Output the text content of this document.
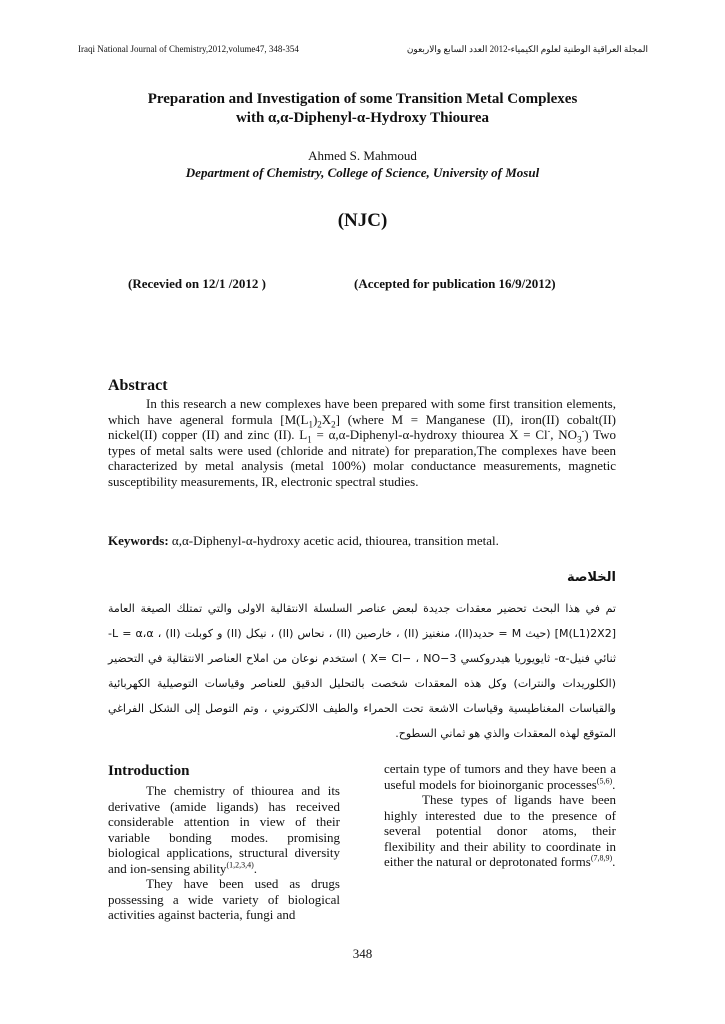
Iraqi National Journal of Chemistry,2012,volume47, 348-354	المجلة العراقية الوطنية لعلوم الكيمياء-2012 العدد السابع والاربعون
Preparation and Investigation of some Transition Metal Complexes
with α,α-Diphenyl-α-Hydroxy Thiourea
Ahmed S. Mahmoud
Department of Chemistry, College of Science, University of Mosul
(NJC)
(Recevied on 12/1 /2012 )	(Accepted for publication 16/9/2012)
Abstract
In this research a new complexes have been prepared with some first transition elements, which have ageneral formula $[M(L_1)_2X_2]$ (where M = Manganese (II), iron(II) cobalt(II) nickel(II) copper (II) and zinc (II). $L_1$ = α,α-Diphenyl-α-hydroxy thiourea X = Cl-, $NO_3^-$) Two types of metal salts were used (chloride and nitrate) for preparation,The complexes have been characterized by metal analysis (metal 100%) molar conductance measurements, magnetic susceptibility measurements, IR, electronic spectral studies.
Keywords: α,α-Diphenyl-α-hydroxy acetic acid, thiourea, transition metal.
الخلاصة
تم في هذا البحث تحضير معقدات جديدة لبعض عناصر السلسلة الانتقالية الاولى والتي تمتلك الصيغة العامة [M(L1)2X2] (حيث M = حديد(II)، منغنيز (II) ، خارصين (II) ، نحاس (II) ، نيكل (II) و كوبلت (II) ، L = α،α-ثنائي فنيل-α- ثايويوريا هيدروكسي X= Cl− ، NO−3 ) استخدم نوعان من املاح العناصر الانتقالية في التحضير (الكلوريدات والنترات) وكل هذه المعقدات شخصت بالتحليل الدقيق للعناصر وقياسات التوصيلية الكهربائية والقياسات المغناطيسية وقياسات الاشعة تحت الحمراء والطيف الالكتروني ، وتم التوصل إلى الشكل الفراغي المتوقع لهذه المعقدات والذي هو ثماني السطوح.
Introduction

The chemistry of thiourea and its derivative (amide ligands) has received considerable attention in view of their variable bonding modes. promising biological applications, structural diversity and ion-sensing ability$^{(1,2,3,4)}$.

They have been used as drugs possessing a wide variety of biological activities against bacteria, fungi and

certain type of tumors and they have been a useful models for bioinorganic processes$^{(5,6)}$.

These types of ligands have been highly interested due to the presence of several potential donor atoms, their flexibility and their ability to coordinate in either the natural or deprotonated forms$^{(7,8,9)}$.

348
